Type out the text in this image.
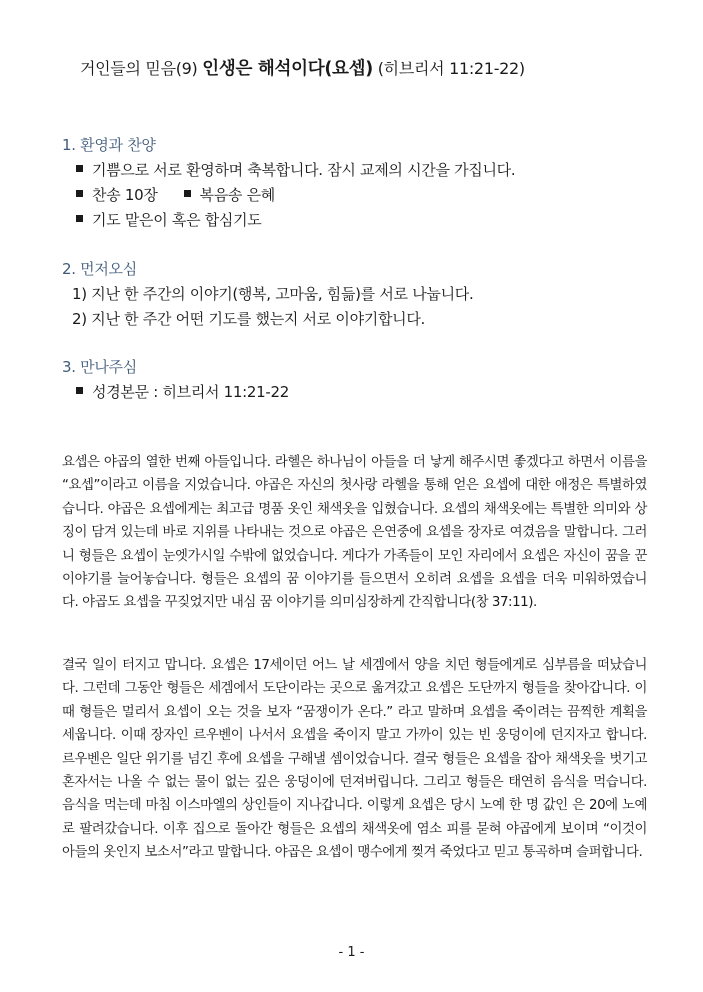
거인들의 믿음(9) 인생은 해석이다(요셉) (히브리서 11:21-22)

1. 환영과 찬양

기쁨으로 서로 환영하며 축복합니다. 잠시 교제의 시간을 가집니다.

찬송 10장	복음송 은혜

기도 맡은이 혹은 합심기도

2. 먼저오심

1) 지난 한 주간의 이야기(행복, 고마움, 힘듦)를 서로 나눕니다.

2) 지난 한 주간 어떤 기도를 했는지 서로 이야기합니다.

3. 만나주심

성경본문 : 히브리서 11:21-22

요셉은 야곱의 열한 번째 아들입니다. 라헬은 하나님이 아들을 더 낳게 해주시면 좋겠다고 하면서 이름을 “요셉”이라고 이름을 지었습니다. 야곱은 자신의 첫사랑 라헬을 통해 얻은 요셉에 대한 애정은 특별하였습니다. 야곱은 요셉에게는 최고급 명품 옷인 채색옷을 입혔습니다. 요셉의 채색옷에는 특별한 의미와 상징이 담겨 있는데 바로 지위를 나타내는 것으로 야곱은 은연중에 요셉을 장자로 여겼음을 말합니다. 그러니 형들은 요셉이 눈엣가시일 수밖에 없었습니다. 게다가 가족들이 모인 자리에서 요셉은 자신이 꿈을 꾼 이야기를 늘어놓습니다. 형들은 요셉의 꿈 이야기를 들으면서 오히려 요셉을 요셉을 더욱 미워하였습니다. 야곱도 요셉을 꾸짖었지만 내심 꿈 이야기를 의미심장하게 간직합니다(창 37:11).

결국 일이 터지고 맙니다. 요셉은 17세이던 어느 날 세겜에서 양을 치던 형들에게로 심부름을 떠났습니다. 그런데 그동안 형들은 세겜에서 도단이라는 곳으로 옮겨갔고 요셉은 도단까지 형들을 찾아갑니다. 이때 형들은 멀리서 요셉이 오는 것을 보자 “꿈쟁이가 온다.” 라고 말하며 요셉을 죽이려는 끔찍한 계획을 세웁니다. 이때 장자인 르우벤이 나서서 요셉을 죽이지 말고 가까이 있는 빈 웅덩이에 던지자고 합니다. 르우벤은 일단 위기를 넘긴 후에 요셉을 구해낼 셈이었습니다. 결국 형들은 요셉을 잡아 채색옷을 벗기고 혼자서는 나올 수 없는 물이 없는 깊은 웅덩이에 던져버립니다. 그리고 형들은 태연히 음식을 먹습니다. 음식을 먹는데 마침 이스마엘의 상인들이 지나갑니다. 이렇게 요셉은 당시 노예 한 명 값인 은 20에 노예로 팔려갔습니다. 이후 집으로 돌아간 형들은 요셉의 채색옷에 염소 피를 묻혀 야곱에게 보이며 “이것이 아들의 옷인지 보소서”라고 말합니다. 야곱은 요셉이 맹수에게 찢겨 죽었다고 믿고 통곡하며 슬퍼합니다.

- 1 -
